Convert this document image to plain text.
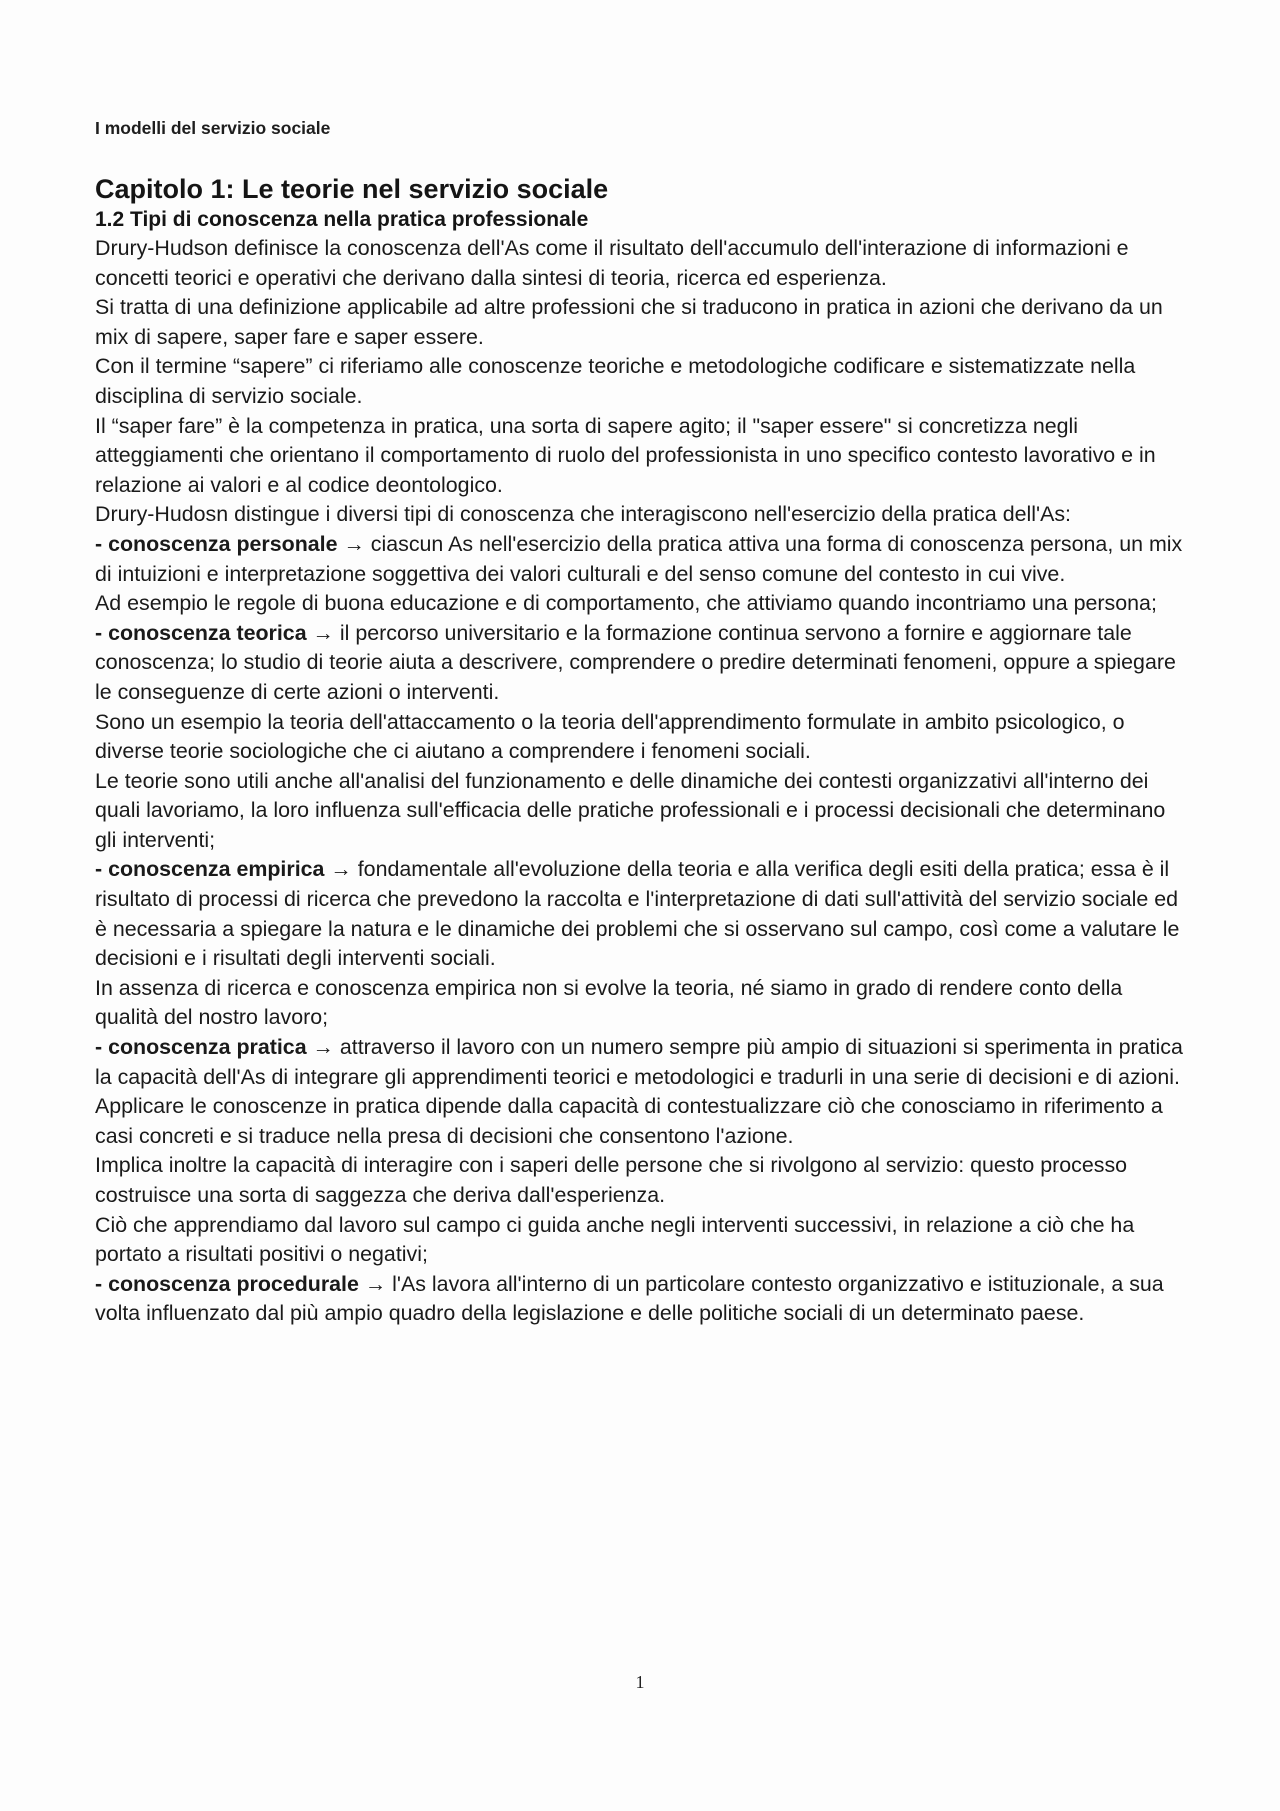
I modelli del servizio sociale
Capitolo 1: Le teorie nel servizio sociale
1.2 Tipi di conoscenza nella pratica professionale

Drury-Hudson definisce la conoscenza dell'As come il risultato dell'accumulo dell'interazione di informazioni e concetti teorici e operativi che derivano dalla sintesi di teoria, ricerca ed esperienza.

Si tratta di una definizione applicabile ad altre professioni che si traducono in pratica in azioni che derivano da un mix di sapere, saper fare e saper essere.

Con il termine “sapere” ci riferiamo alle conoscenze teoriche e metodologiche codificare e sistematizzate nella disciplina di servizio sociale.

Il “saper fare” è la competenza in pratica, una sorta di sapere agito; il "saper essere" si concretizza negli atteggiamenti che orientano il comportamento di ruolo del professionista in uno specifico contesto lavorativo e in relazione ai valori e al codice deontologico.

Drury-Hudosn distingue i diversi tipi di conoscenza che interagiscono nell'esercizio della pratica dell'As:

- conoscenza personale → ciascun As nell'esercizio della pratica attiva una forma di conoscenza persona, un mix di intuizioni e interpretazione soggettiva dei valori culturali e del senso comune del contesto in cui vive.

Ad esempio le regole di buona educazione e di comportamento, che attiviamo quando incontriamo una persona;

- conoscenza teorica → il percorso universitario e la formazione continua servono a fornire e aggiornare tale conoscenza; lo studio di teorie aiuta a descrivere, comprendere o predire determinati fenomeni, oppure a spiegare le conseguenze di certe azioni o interventi.

Sono un esempio la teoria dell'attaccamento o la teoria dell'apprendimento formulate in ambito psicologico, o diverse teorie sociologiche che ci aiutano a comprendere i fenomeni sociali.

Le teorie sono utili anche all'analisi del funzionamento e delle dinamiche dei contesti organizzativi all'interno dei quali lavoriamo, la loro influenza sull'efficacia delle pratiche professionali e i processi decisionali che determinano gli interventi;

- conoscenza empirica → fondamentale all'evoluzione della teoria e alla verifica degli esiti della pratica; essa è il risultato di processi di ricerca che prevedono la raccolta e l'interpretazione di dati sull'attività del servizio sociale ed è necessaria a spiegare la natura e le dinamiche dei problemi che si osservano sul campo, così come a valutare le decisioni e i risultati degli interventi sociali.

In assenza di ricerca e conoscenza empirica non si evolve la teoria, né siamo in grado di rendere conto della qualità del nostro lavoro;

- conoscenza pratica → attraverso il lavoro con un numero sempre più ampio di situazioni si sperimenta in pratica la capacità dell'As di integrare gli apprendimenti teorici e metodologici e tradurli in una serie di decisioni e di azioni.

Applicare le conoscenze in pratica dipende dalla capacità di contestualizzare ciò che conosciamo in riferimento a casi concreti e si traduce nella presa di decisioni che consentono l'azione.

Implica inoltre la capacità di interagire con i saperi delle persone che si rivolgono al servizio: questo processo costruisce una sorta di saggezza che deriva dall'esperienza.

Ciò che apprendiamo dal lavoro sul campo ci guida anche negli interventi successivi, in relazione a ciò che ha portato a risultati positivi o negativi;

- conoscenza procedurale → l'As lavora all'interno di un particolare contesto organizzativo e istituzionale, a sua volta influenzato dal più ampio quadro della legislazione e delle politiche sociali di un determinato paese.

1
